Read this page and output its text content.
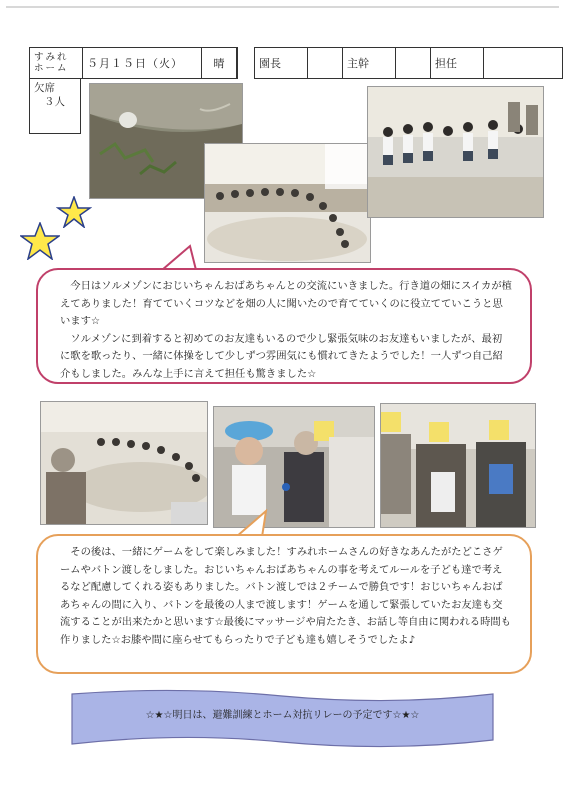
すみれホーム	５月１５日（火）	晴		園長		主幹		担任	
欠席
３人
今日はソルメゾンにおじいちゃんおばあちゃんとの交流にいきました。行き道の畑にスイカが植えてありました！育てていくコツなどを畑の人に聞いたので育てていくのに役立てていこうと思います☆
ソルメゾンに到着すると初めてのお友達もいるので少し緊張気味のお友達もいましたが、最初に歌を歌ったり、一緒に体操をして少しずつ雰囲気にも慣れてきたようでした！一人ずつ自己紹介もしました。みんな上手に言えて担任も驚きました☆
その後は、一緒にゲームをして楽しみました！すみれホームさんの好きなあんたがたどこさゲームやバトン渡しをしました。おじいちゃんおばあちゃんの事を考えてルールを子ども達で考えるなど配慮してくれる姿もありました。バトン渡しでは２チームで勝負です！おじいちゃんおばあちゃんの間に入り、バトンを最後の人まで渡します！ゲームを通して緊張していたお友達も交流することが出来たかと思います☆最後にマッサージや肩たたき、お話し等自由に関われる時間も作りました☆お膝や間に座らせてもらったりで子ども達も嬉しそうでしたよ♪
☆★☆明日は、避難訓練とホーム対抗リレーの予定です☆★☆
